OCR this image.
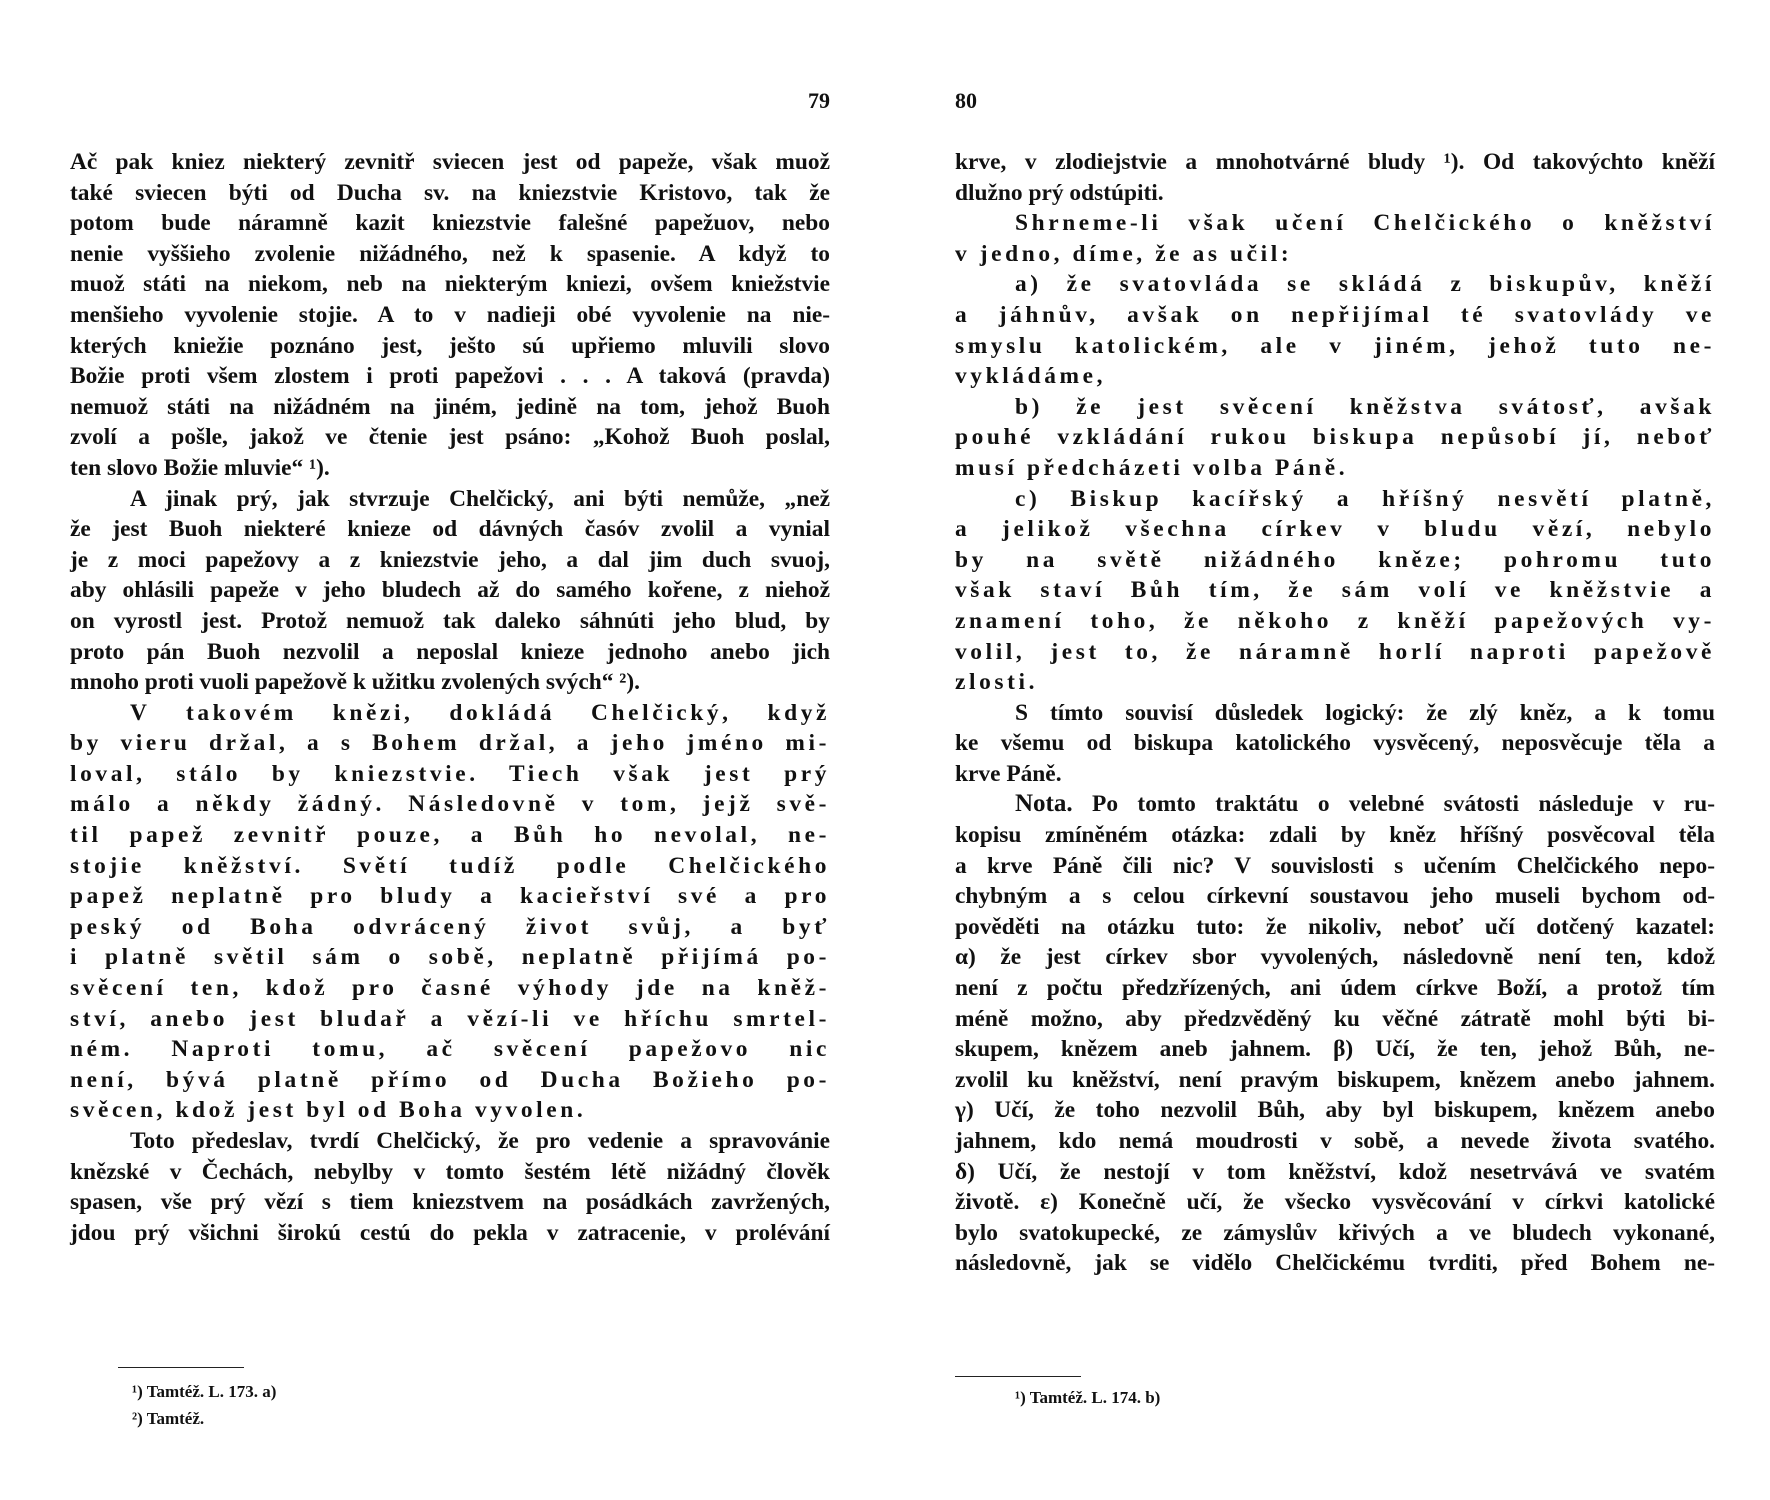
79
Ač pak kniez niekterý zevnitř sviecen jest od papeže, však muož
také sviecen býti od Ducha sv. na kniezstvie Kristovo, tak že
potom bude náramně kazit kniezstvie falešné papežuov, nebo
nenie vyššieho zvolenie nižádného, než k spasenie. A když to
muož státi na niekom, neb na niekterým kniezi, ovšem kniežstvie
menšieho vyvolenie stojie. A to v nadieji obé vyvolenie na nie-
kterých kniežie poznáno jest, ješto sú upřiemo mluvili slovo
Božie proti všem zlostem i proti papežovi . . . A taková (pravda)
nemuož státi na nižádném na jiném, jedině na tom, jehož Buoh
zvolí a pošle, jakož ve čtenie jest psáno: „Kohož Buoh poslal,
ten slovo Božie mluvie“ ¹).
A jinak prý, jak stvrzuje Chelčický, ani býti nemůže, „než
že jest Buoh niekteré knieze od dávných časóv zvolil a vynial
je z moci papežovy a z kniezstvie jeho, a dal jim duch svuoj,
aby ohlásili papeže v jeho bludech až do samého kořene, z niehož
on vyrostl jest. Protož nemuož tak daleko sáhnúti jeho blud, by
proto pán Buoh nezvolil a neposlal knieze jednoho anebo jich
mnoho proti vuoli papežově k užitku zvolených svých“ ²).
V takovém knězi, dokládá Chelčický, když
by vieru držal, a s Bohem držal, a jeho jméno mi-
loval, stálo by kniezstvie. Tiech však jest prý
málo a někdy žádný. Následovně v tom, jejž svě-
til papež zevnitř pouze, a Bůh ho nevolal, ne-
stojie kněžství. Světí tudíž podle Chelčického
papež neplatně pro bludy a kacieřství své a pro
peský od Boha odvrácený život svůj, a byť
i platně světil sám o sobě, neplatně přijímá po-
svěcení ten, kdož pro časné výhody jde na kněž-
ství, anebo jest bludař a vězí-li ve hříchu smrtel-
ném. Naproti tomu, ač svěcení papežovo nic
není, bývá platně přímo od Ducha Božieho po-
svěcen, kdož jest byl od Boha vyvolen.
Toto předeslav, tvrdí Chelčický, že pro vedenie a spravovánie
knězské v Čechách, nebylby v tomto šestém létě nižádný člověk
spasen, vše prý vězí s tiem kniezstvem na posádkách zavržených,
jdou prý všichni širokú cestú do pekla v zatracenie, v prolévání
¹) Tamtéž. L. 173. a)
²) Tamtéž.
80
krve, v zlodiejstvie a mnohotvárné bludy ¹). Od takovýchto kněží
dlužno prý odstúpiti.
Shrneme-li však učení Chelčického o kněžství
v jedno, díme, že as učil:
a) že svatovláda se skládá z biskupův, kněží
a jáhnův, avšak on nepřijímal té svatovlády ve
smyslu katolickém, ale v jiném, jehož tuto ne-
vykládáme,
b) že jest svěcení kněžstva svátosť, avšak
pouhé vzkládání rukou biskupa nepůsobí jí, neboť
musí předcházeti volba Páně.
c) Biskup kacířský a hříšný nesvětí platně,
a jelikož všechna církev v bludu vězí, nebylo
by na světě nižádného kněze; pohromu tuto
však staví Bůh tím, že sám volí ve kněžstvie a
znamení toho, že někoho z kněží papežových vy-
volil, jest to, že náramně horlí naproti papežově
zlosti.
S tímto souvisí důsledek logický: že zlý kněz, a k tomu
ke všemu od biskupa katolického vysvěcený, neposvěcuje těla a
krve Páně.
Nota. Po tomto traktátu o velebné svátosti následuje v ru-
kopisu zmíněném otázka: zdali by kněz hříšný posvěcoval těla
a krve Páně čili nic? V souvislosti s učením Chelčického nepo-
chybným a s celou církevní soustavou jeho museli bychom od-
pověděti na otázku tuto: že nikoliv, neboť učí dotčený kazatel:
α) že jest církev sbor vyvolených, následovně není ten, kdož
není z počtu předzřízených, ani údem církve Boží, a protož tím
méně možno, aby předzvěděný ku věčné zátratě mohl býti bi-
skupem, knězem aneb jahnem. β) Učí, že ten, jehož Bůh, ne-
zvolil ku kněžství, není pravým biskupem, knězem anebo jahnem.
γ) Učí, že toho nezvolil Bůh, aby byl biskupem, knězem anebo
jahnem, kdo nemá moudrosti v sobě, a nevede života svatého.
δ) Učí, že nestojí v tom kněžství, kdož nesetrvává ve svatém
životě. ε) Konečně učí, že všecko vysvěcování v církvi katolické
bylo svatokupecké, ze zámyslův křivých a ve bludech vykonané,
následovně, jak se vidělo Chelčickému tvrditi, před Bohem ne-
¹) Tamtéž. L. 174. b)
